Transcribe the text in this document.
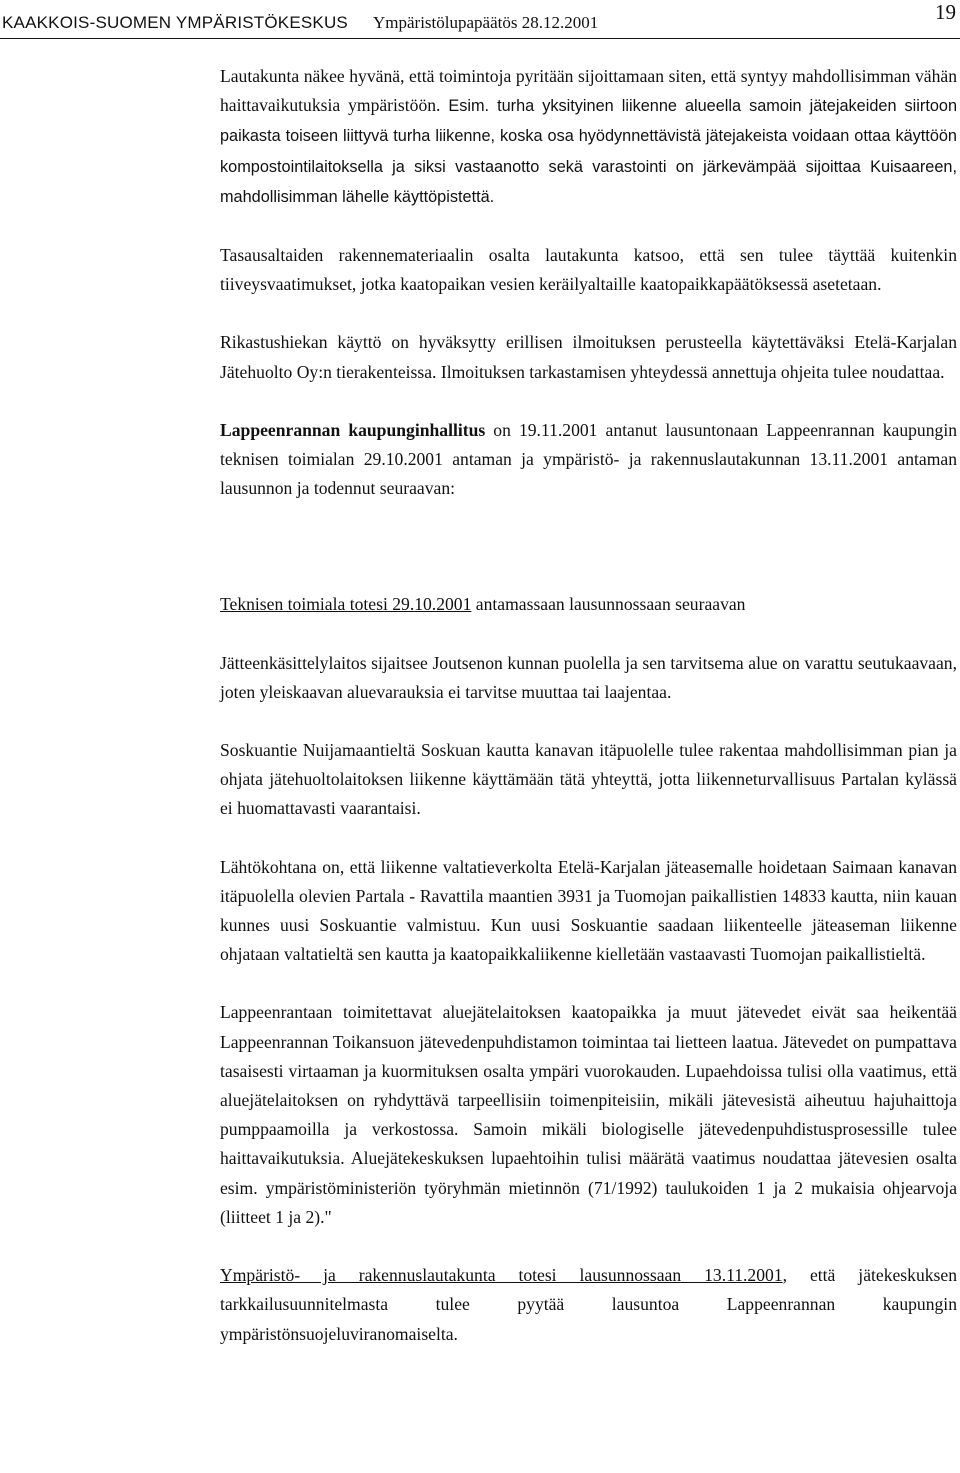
KAAKKOIS-SUOMEN YMPÄRISTÖKESKUS Ympäristölupapäätös 28.12.2001	19

Lautakunta näkee hyvänä, että toimintoja pyritään sijoittamaan siten, että syntyy mahdollisimman vähän haittavaikutuksia ympäristöön. Esim. turha yksityinen liikenne alueella samoin jätejakeiden siirtoon paikasta toiseen liittyvä turha liikenne, koska osa hyödynnettävistä jätejakeista voidaan ottaa käyttöön kompostointilaitoksella ja siksi vastaanotto sekä varastointi on järkevämpää sijoittaa Kuisaareen, mahdollisimman lähelle käyttöpistettä.

Tasausaltaiden rakennemateriaalin osalta lautakunta katsoo, että sen tulee täyttää kuitenkin tiiveysvaatimukset, jotka kaatopaikan vesien keräilyaltaille kaatopaikkapäätöksessä asetetaan.

Rikastushiekan käyttö on hyväksytty erillisen ilmoituksen perusteella käytettäväksi Etelä-Karjalan Jätehuolto Oy:n tierakenteissa. Ilmoituksen tarkastamisen yhteydessä annettuja ohjeita tulee noudattaa.

Lappeenrannan kaupunginhallitus on 19.11.2001 antanut lausuntonaan Lappeenrannan kaupungin teknisen toimialan 29.10.2001 antaman ja ympäristö- ja rakennuslautakunnan 13.11.2001 antaman lausunnon ja todennut seuraavan:

Teknisen toimiala totesi 29.10.2001 antamassaan lausunnossaan seuraavan

Jätteenkäsittelylaitos sijaitsee Joutsenon kunnan puolella ja sen tarvitsema alue on varattu seutukaavaan, joten yleiskaavan aluevarauksia ei tarvitse muuttaa tai laajentaa.

Soskuantie Nuijamaantieltä Soskuan kautta kanavan itäpuolelle tulee rakentaa mahdollisimman pian ja ohjata jätehuoltolaitoksen liikenne käyttämään tätä yhteyttä, jotta liikenneturvallisuus Partalan kylässä ei huomattavasti vaarantaisi.

Lähtökohtana on, että liikenne valtatieverkolta Etelä-Karjalan jäteasemalle hoidetaan Saimaan kanavan itäpuolella olevien Partala - Ravattila maantien 3931 ja Tuomojan paikallistien 14833 kautta, niin kauan kunnes uusi Soskuantie valmistuu. Kun uusi Soskuantie saadaan liikenteelle jäteaseman liikenne ohjataan valtatieltä sen kautta ja kaatopaikkaliikenne kielletään vastaavasti Tuomojan paikallistieltä.

Lappeenrantaan toimitettavat aluejätelaitoksen kaatopaikka ja muut jätevedet eivät saa heikentää Lappeenrannan Toikansuon jätevedenpuhdistamon toimintaa tai lietteen laatua. Jätevedet on pumpattava tasaisesti virtaaman ja kuormituksen osalta ympäri vuorokauden. Lupaehdoissa tulisi olla vaatimus, että aluejätelaitoksen on ryhdyttävä tarpeellisiin toimenpiteisiin, mikäli jätevesistä aiheutuu hajuhaittoja pumppaamoilla ja verkostossa. Samoin mikäli biologiselle jätevedenpuhdistusprosessille tulee haittavaikutuksia. Aluejätekeskuksen lupaehtoihin tulisi määrätä vaatimus noudattaa jätevesien osalta esim. ympäristöministeriön työryhmän mietinnön (71/1992) taulukoiden 1 ja 2 mukaisia ohjearvoja (liitteet 1 ja 2)."

Ympäristö- ja rakennuslautakunta totesi lausunnossaan 13.11.2001, että jätekeskuksen tarkkailusuunnitelmasta tulee pyytää lausuntoa Lappeenrannan kaupungin ympäristönsuojeluviranomaiselta.
